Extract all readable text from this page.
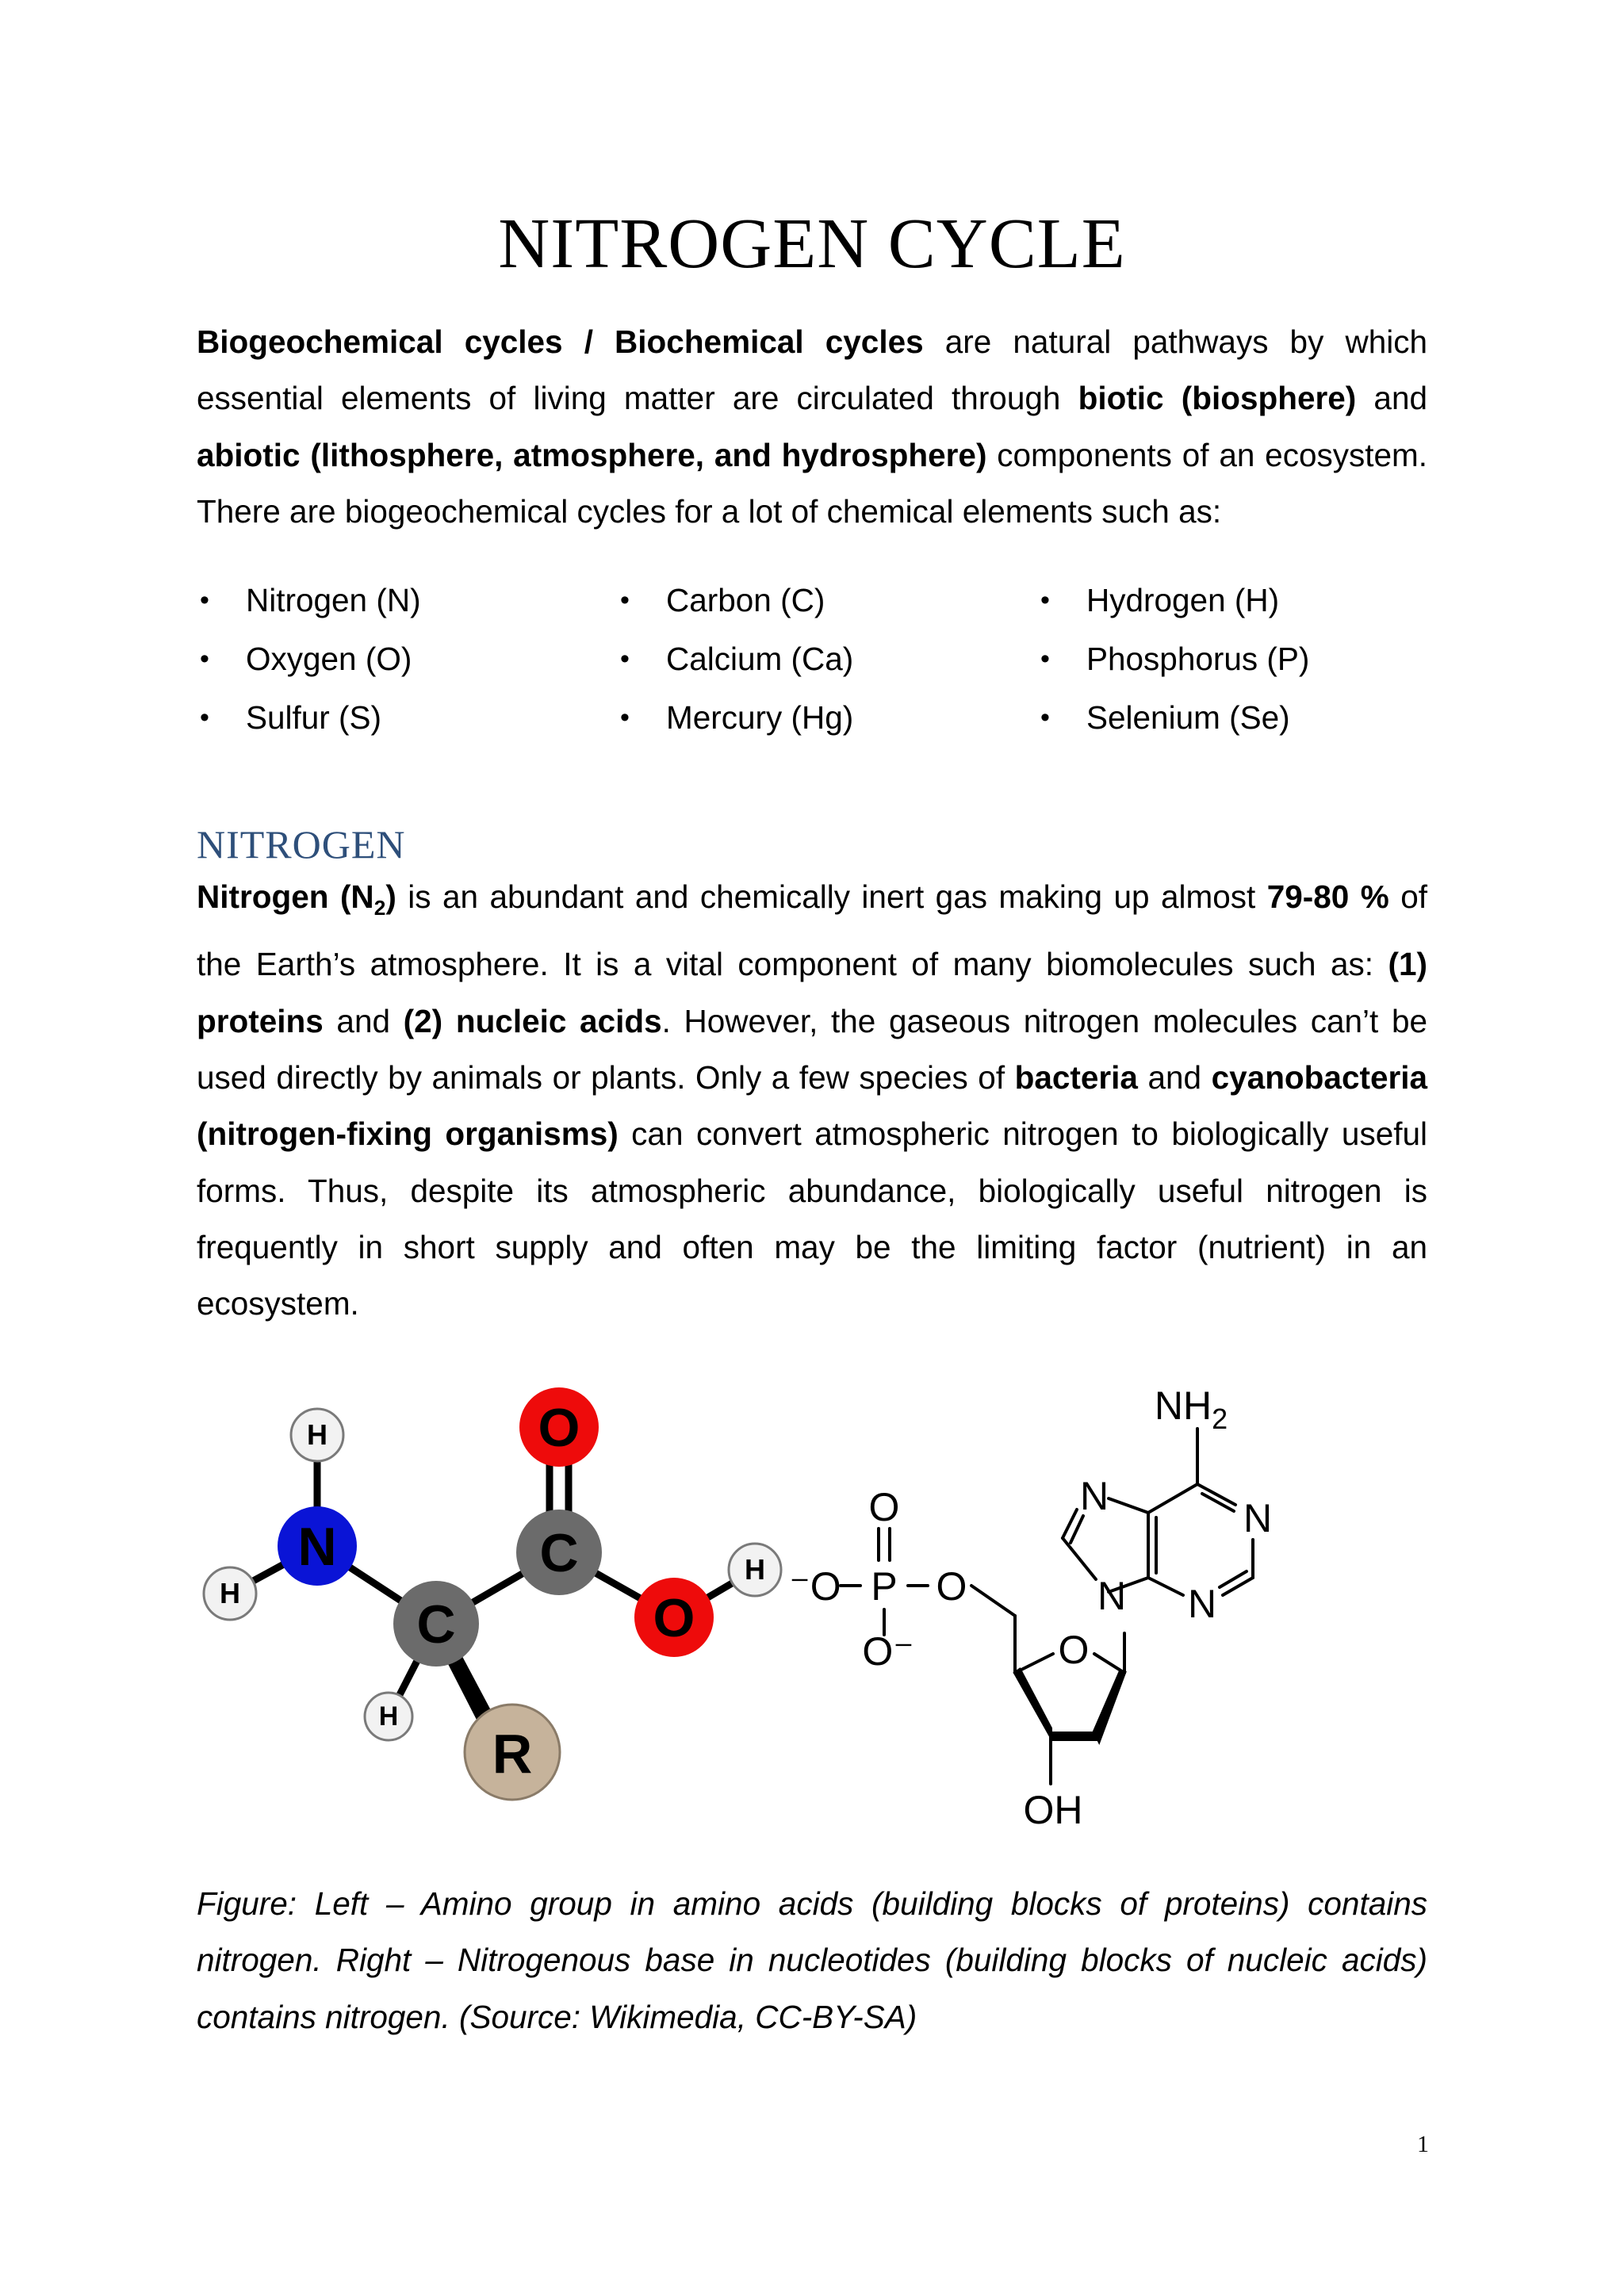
NITROGEN CYCLE

Biogeochemical cycles / Biochemical cycles are natural pathways by which essential elements of living matter are circulated through biotic (biosphere) and abiotic (lithosphere, atmosphere, and hydrosphere) components of an ecosystem. There are biogeochemical cycles for a lot of chemical elements such as:

• Nitrogen (N)
• Oxygen (O)
• Sulfur (S)
• Carbon (C)
• Calcium (Ca)
• Mercury (Hg)
• Hydrogen (H)
• Phosphorus (P)
• Selenium (Se)
NITROGEN

Nitrogen $(N_2)$ is an abundant and chemically inert gas making up almost 79-80 % of the Earth’s atmosphere. It is a vital component of many biomolecules such as: (1) proteins and (2) nucleic acids. However, the gaseous nitrogen molecules can’t be used directly by animals or plants. Only a few species of bacteria and cyanobacteria (nitrogen-fixing organisms) can convert atmospheric nitrogen to biologically useful forms. Thus, despite its atmospheric abundance, biologically useful nitrogen is frequently in short supply and often may be the limiting factor (nutrient) in an ecosystem.

H
H
H
H
N
C
C
O
O
R
O
⁻O P O
O⁻	O
N
N	N
N
OH
$NH_2$

Figure: Left – Amino group in amino acids (building blocks of proteins) contains nitrogen. Right – Nitrogenous base in nucleotides (building blocks of nucleic acids) contains nitrogen. (Source: Wikimedia, CC-BY-SA)

1
